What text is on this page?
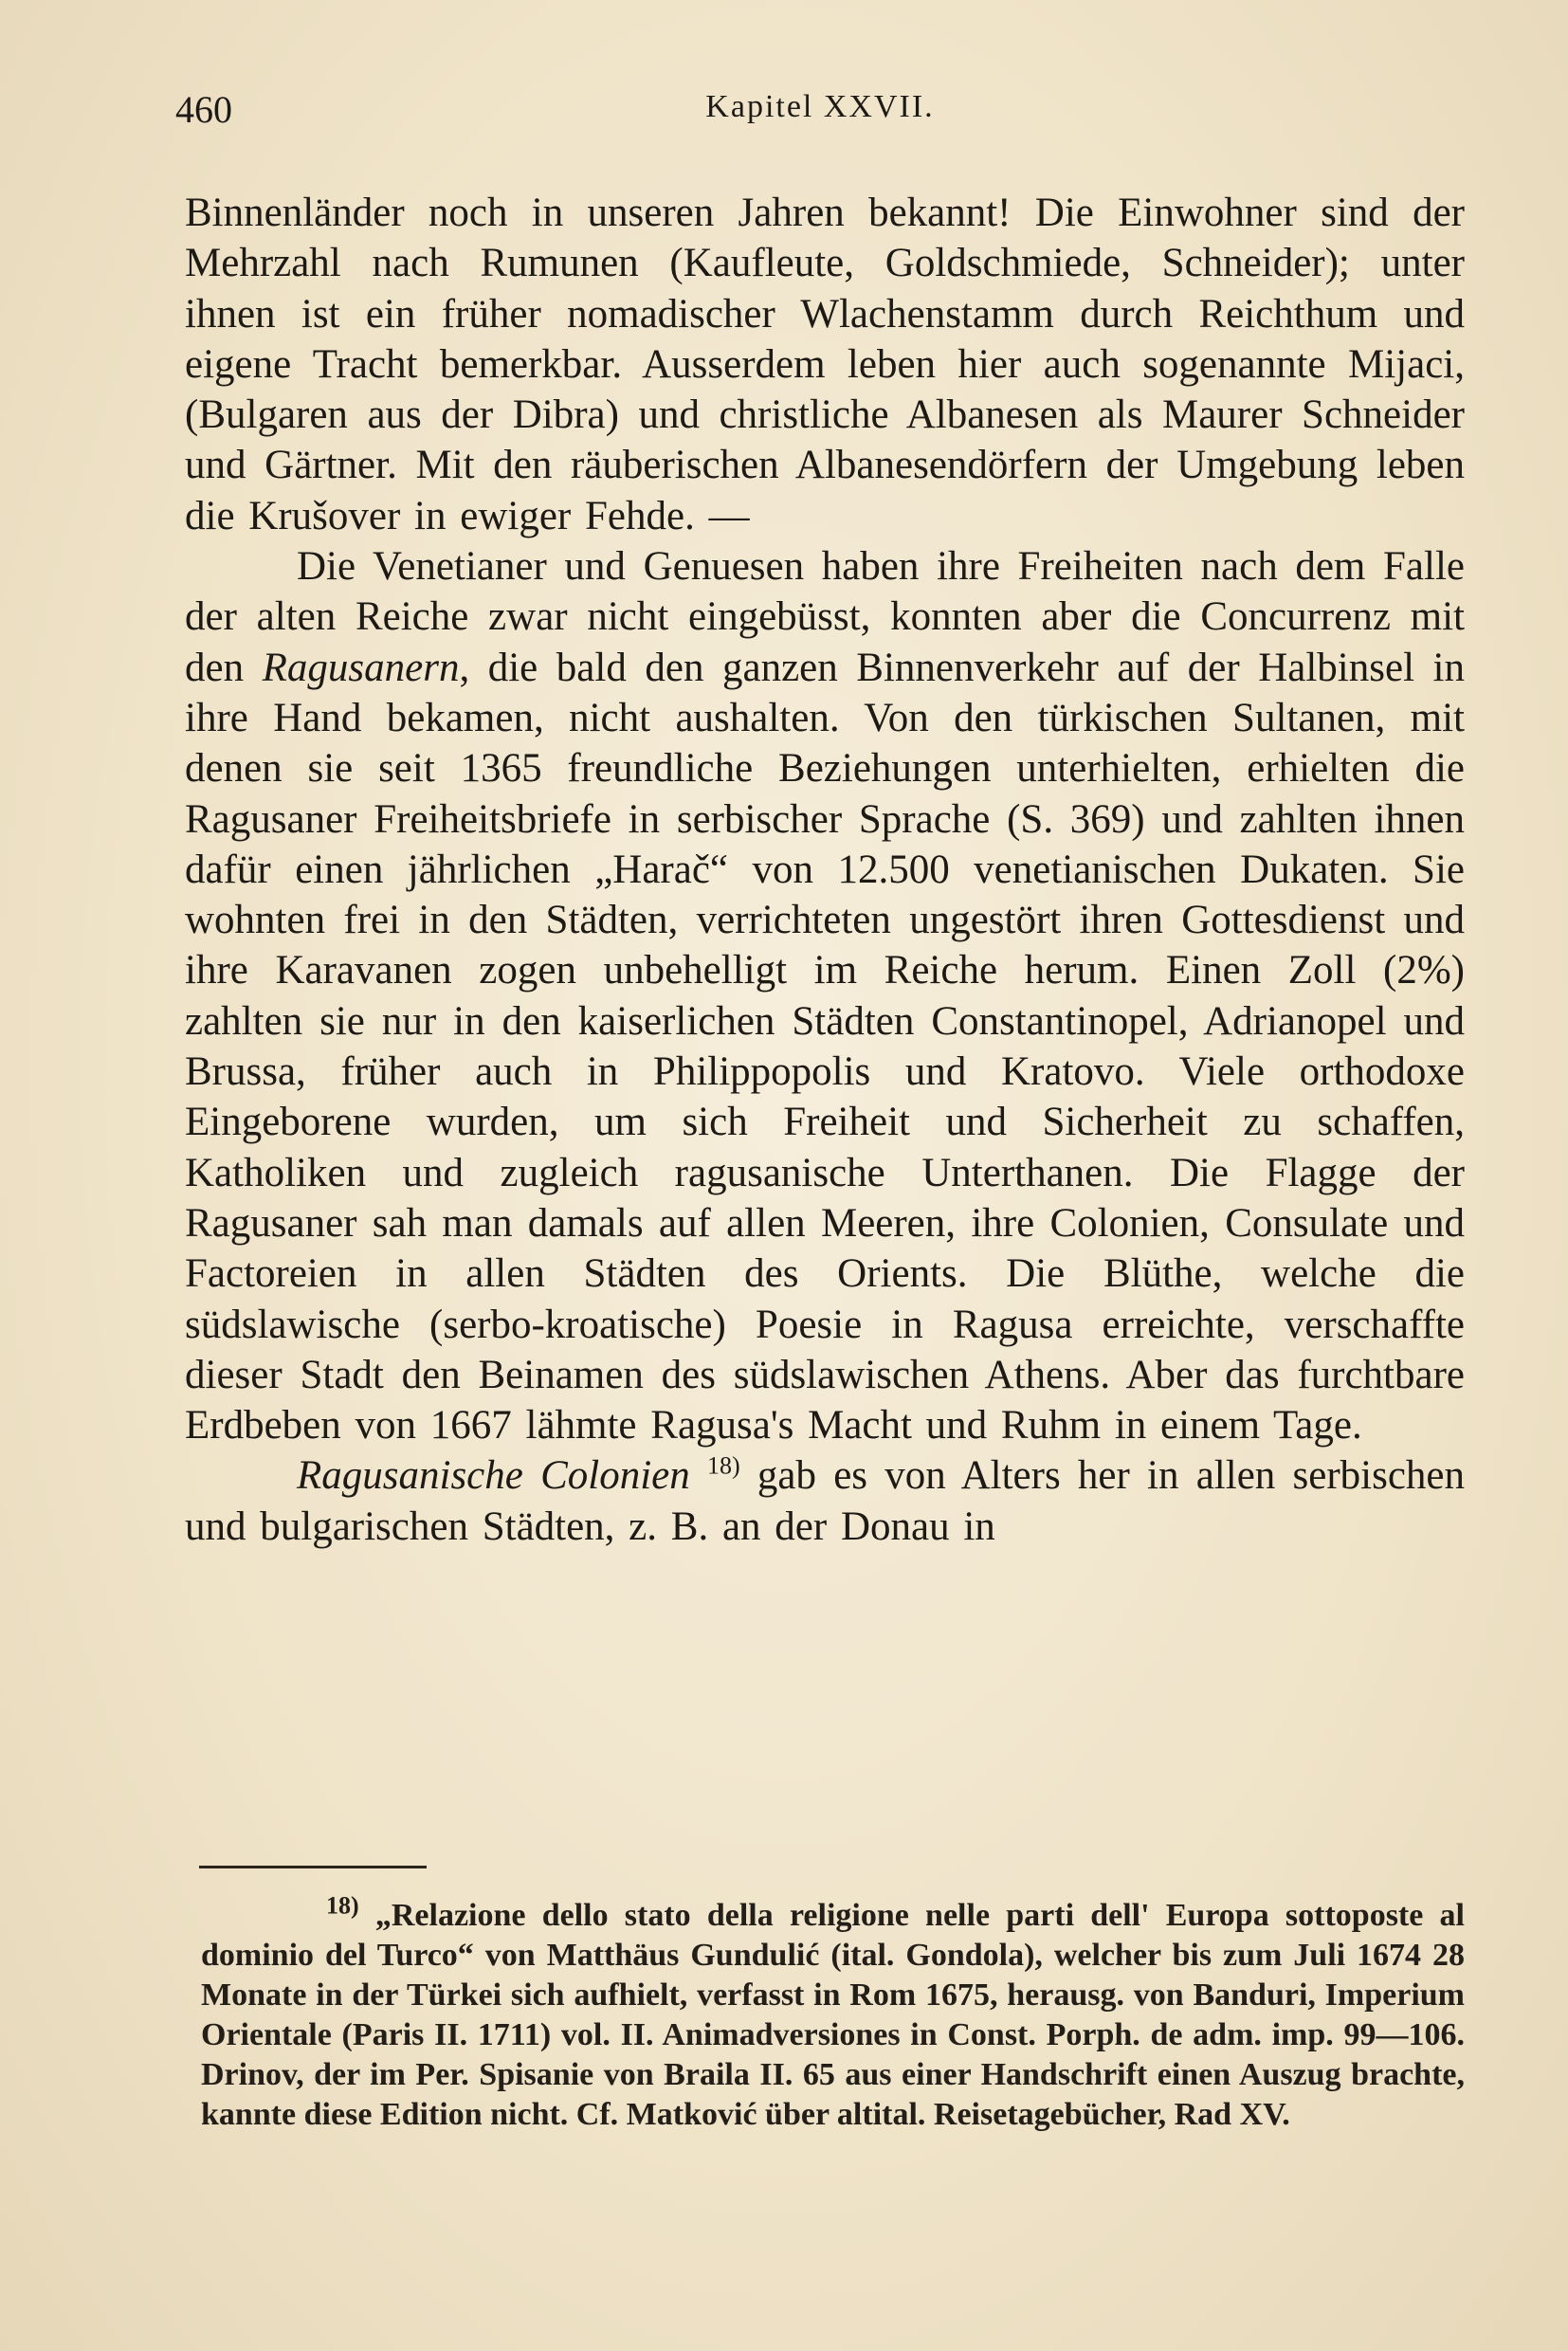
460	Kapitel XXVII.

Binnenländer noch in unseren Jahren bekannt! Die Einwohner sind der Mehrzahl nach Rumunen (Kaufleute, Goldschmiede, Schneider); unter ihnen ist ein früher nomadischer Wlachenstamm durch Reichthum und eigene Tracht bemerkbar. Ausserdem leben hier auch sogenannte Mijaci, (Bulgaren aus der Dibra) und christliche Albanesen als Maurer Schneider und Gärtner. Mit den räuberischen Albanesendörfern der Umgebung leben die Krušover in ewiger Fehde. —

Die Venetianer und Genuesen haben ihre Freiheiten nach dem Falle der alten Reiche zwar nicht eingebüsst, konnten aber die Concurrenz mit den Ragusanern, die bald den ganzen Binnenverkehr auf der Halbinsel in ihre Hand bekamen, nicht aushalten. Von den türkischen Sultanen, mit denen sie seit 1365 freundliche Beziehungen unterhielten, erhielten die Ragusaner Freiheitsbriefe in serbischer Sprache (S. 369) und zahlten ihnen dafür einen jährlichen „Harač“ von 12.500 venetianischen Dukaten. Sie wohnten frei in den Städten, verrichteten ungestört ihren Gottesdienst und ihre Karavanen zogen unbehelligt im Reiche herum. Einen Zoll (2%) zahlten sie nur in den kaiserlichen Städten Constantinopel, Adrianopel und Brussa, früher auch in Philippopolis und Kratovo. Viele orthodoxe Eingeborene wurden, um sich Freiheit und Sicherheit zu schaffen, Katholiken und zugleich ragusanische Unterthanen. Die Flagge der Ragusaner sah man damals auf allen Meeren, ihre Colonien, Consulate und Factoreien in allen Städten des Orients. Die Blüthe, welche die südslawische (serbo-kroatische) Poesie in Ragusa erreichte, verschaffte dieser Stadt den Beinamen des südslawischen Athens. Aber das furchtbare Erdbeben von 1667 lähmte Ragusa's Macht und Ruhm in einem Tage.

Ragusanische Colonien $^{18)}$ gab es von Alters her in allen serbischen und bulgarischen Städten, z. B. an der Donau in

$^{18)}$ „Relazione dello stato della religione nelle parti dell' Europa sottoposte al dominio del Turco“ von Matthäus Gundulić (ital. Gondola), welcher bis zum Juli 1674 28 Monate in der Türkei sich aufhielt, verfasst in Rom 1675, herausg. von Banduri, Imperium Orientale (Paris II. 1711) vol. II. Animadversiones in Const. Porph. de adm. imp. 99—106. Drinov, der im Per. Spisanie von Braila II. 65 aus einer Handschrift einen Auszug brachte, kannte diese Edition nicht. Cf. Matković über altital. Reisetagebücher, Rad XV.
